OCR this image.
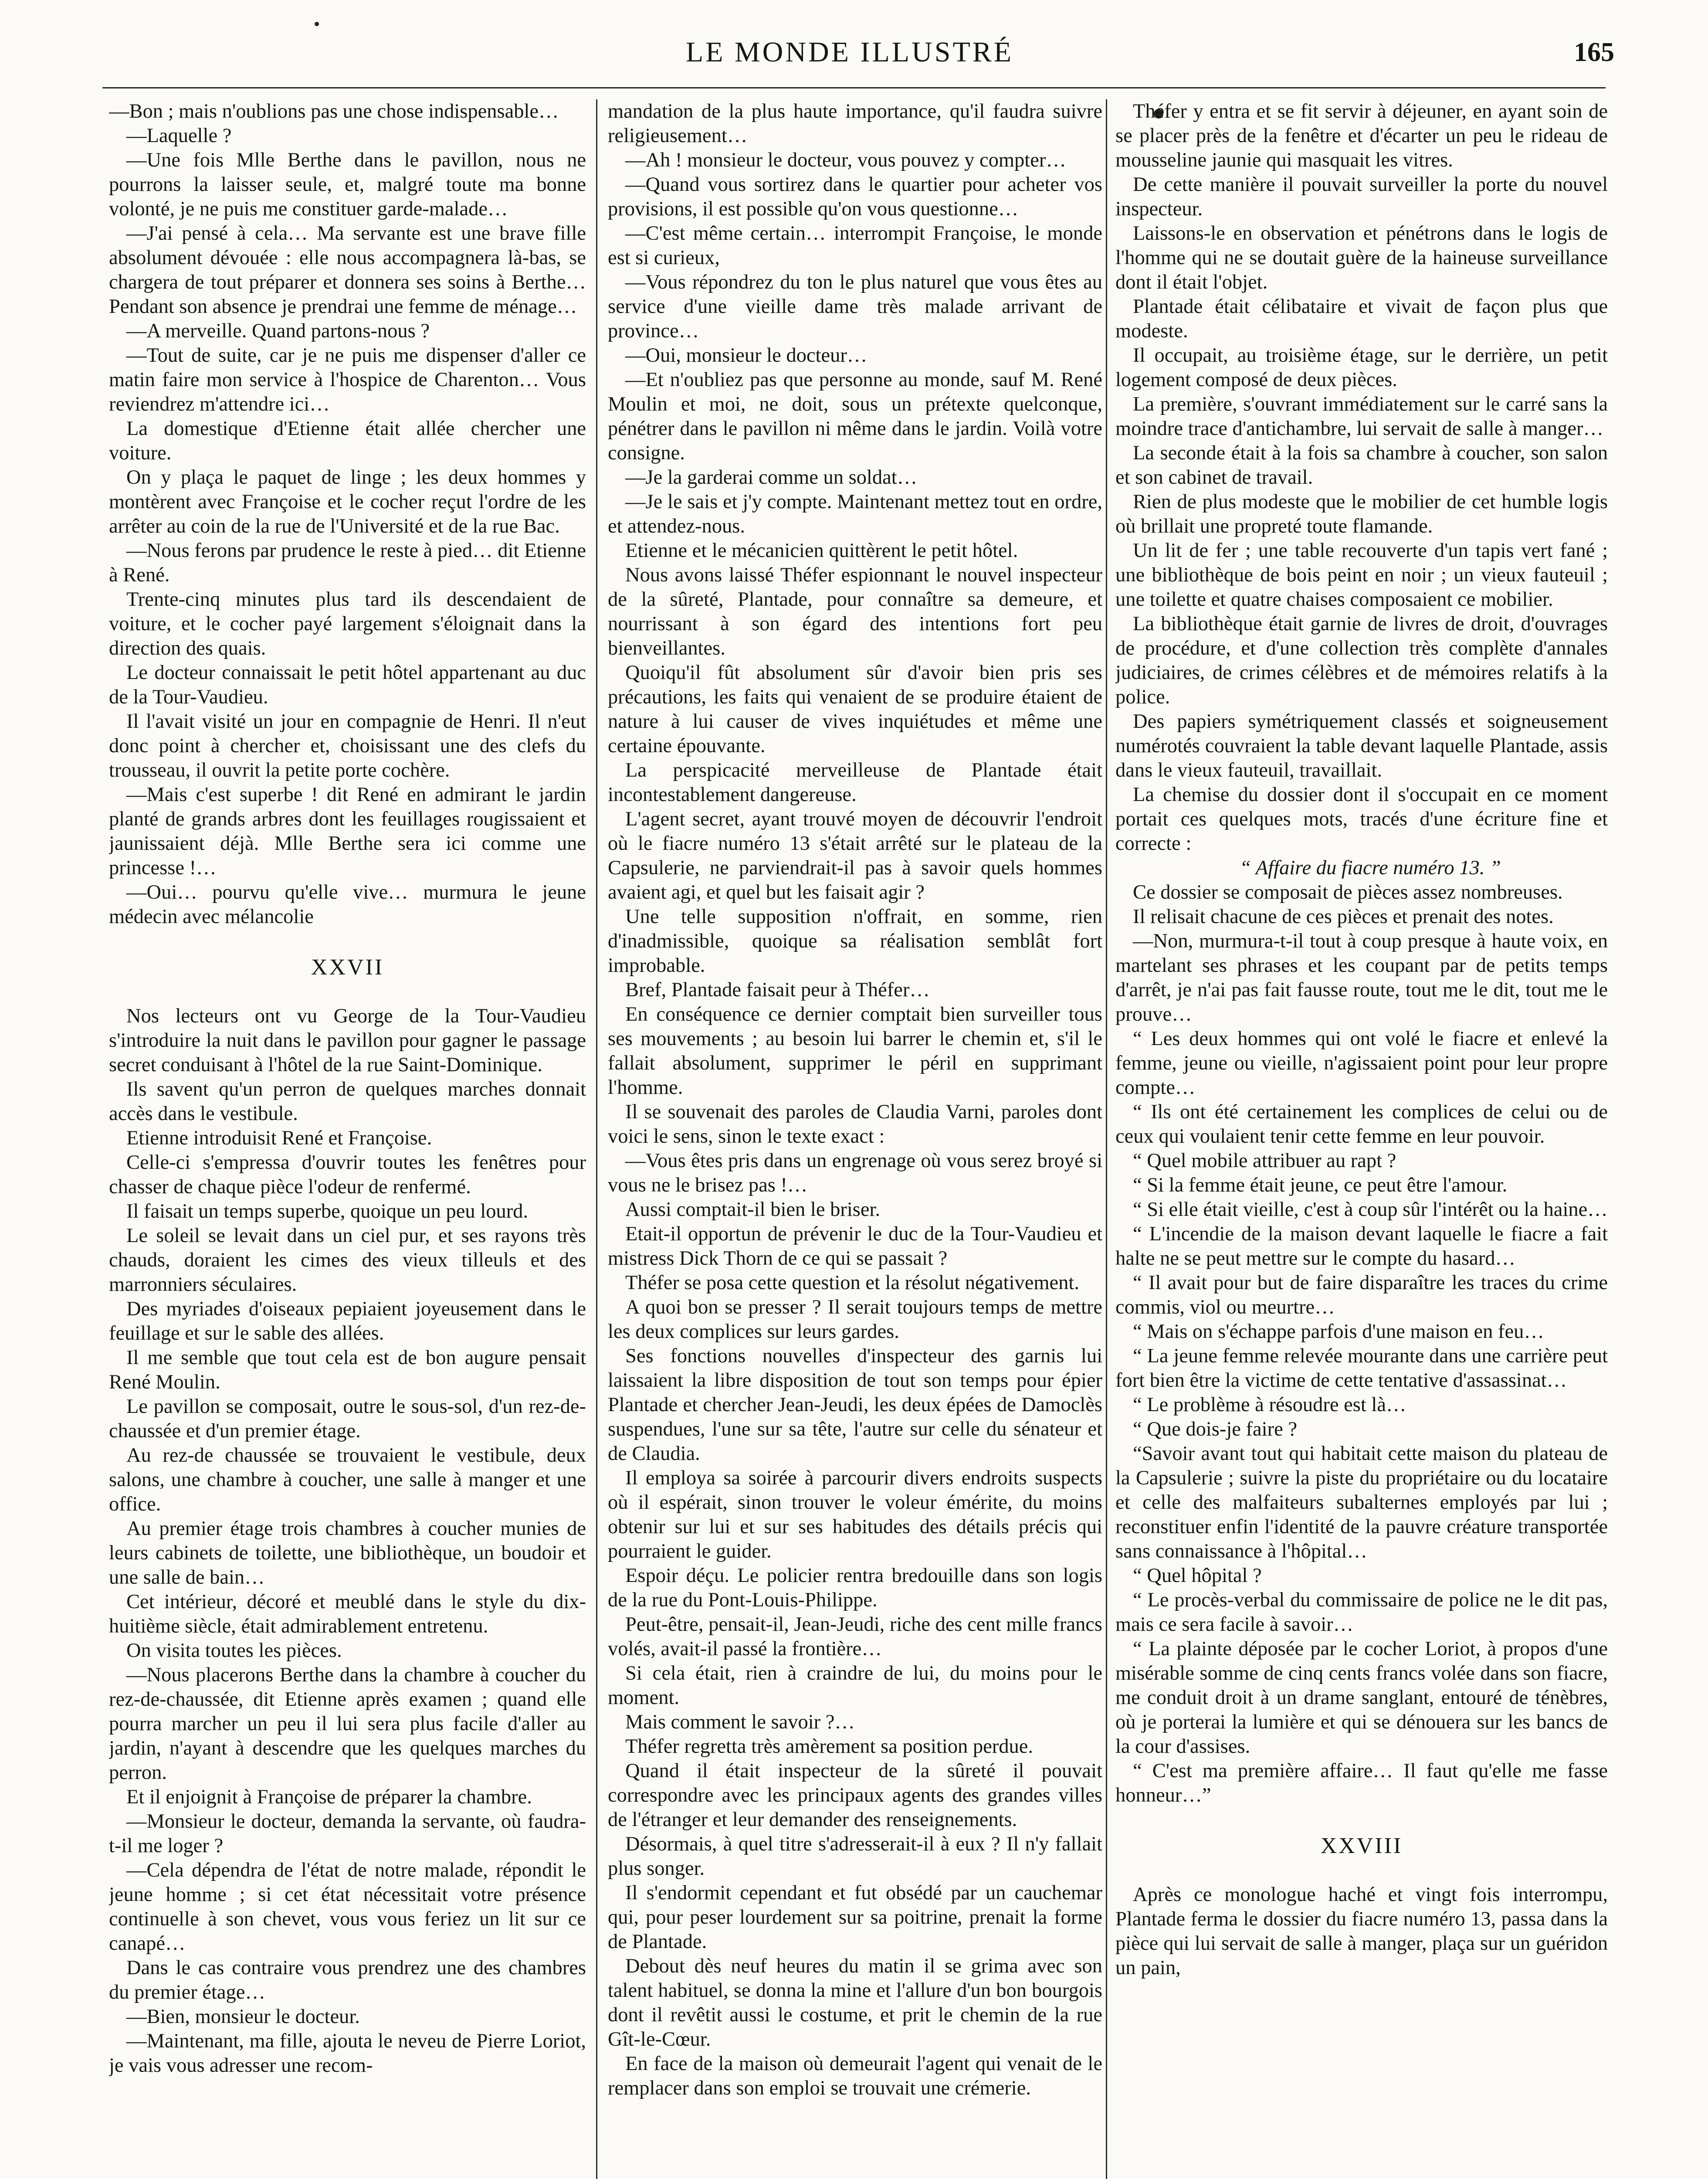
LE MONDE ILLUSTRÉ	165

—Bon ; mais n'oublions pas une chose indispensable…

—Laquelle ?

—Une fois Mlle Berthe dans le pavillon, nous ne pourrons la laisser seule, et, malgré toute ma bonne volonté, je ne puis me constituer garde-malade…

—J'ai pensé à cela… Ma servante est une brave fille absolument dévouée : elle nous accompagnera là-bas, se chargera de tout préparer et donnera ses soins à Berthe… Pendant son absence je prendrai une femme de ménage…

—A merveille. Quand partons-nous ?

—Tout de suite, car je ne puis me dispenser d'aller ce matin faire mon service à l'hospice de Charenton… Vous reviendrez m'attendre ici…

La domestique d'Etienne était allée chercher une voiture.

On y plaça le paquet de linge ; les deux hommes y montèrent avec Françoise et le cocher reçut l'ordre de les arrêter au coin de la rue de l'Université et de la rue Bac.

—Nous ferons par prudence le reste à pied… dit Etienne à René.

Trente-cinq minutes plus tard ils descendaient de voiture, et le cocher payé largement s'éloignait dans la direction des quais.

Le docteur connaissait le petit hôtel appartenant au duc de la Tour-Vaudieu.

Il l'avait visité un jour en compagnie de Henri. Il n'eut donc point à chercher et, choisissant une des clefs du trousseau, il ouvrit la petite porte cochère.

—Mais c'est superbe ! dit René en admirant le jardin planté de grands arbres dont les feuillages rougissaient et jaunissaient déjà. Mlle Berthe sera ici comme une princesse !…

—Oui… pourvu qu'elle vive… murmura le jeune médecin avec mélancolie

XXVII

Nos lecteurs ont vu George de la Tour-Vaudieu s'introduire la nuit dans le pavillon pour gagner le passage secret conduisant à l'hôtel de la rue Saint-Dominique.

Ils savent qu'un perron de quelques marches donnait accès dans le vestibule.

Etienne introduisit René et Françoise.

Celle-ci s'empressa d'ouvrir toutes les fenêtres pour chasser de chaque pièce l'odeur de renfermé.

Il faisait un temps superbe, quoique un peu lourd.

Le soleil se levait dans un ciel pur, et ses rayons très chauds, doraient les cimes des vieux tilleuls et des marronniers séculaires.

Des myriades d'oiseaux pepiaient joyeusement dans le feuillage et sur le sable des allées.

Il me semble que tout cela est de bon augure pensait René Moulin.

Le pavillon se composait, outre le sous-sol, d'un rez-de-chaussée et d'un premier étage.

Au rez-de chaussée se trouvaient le vestibule, deux salons, une chambre à coucher, une salle à manger et une office.

Au premier étage trois chambres à coucher munies de leurs cabinets de toilette, une bibliothèque, un boudoir et une salle de bain…

Cet intérieur, décoré et meublé dans le style du dix-huitième siècle, était admirablement entretenu.

On visita toutes les pièces.

—Nous placerons Berthe dans la chambre à coucher du rez-de-chaussée, dit Etienne après examen ; quand elle pourra marcher un peu il lui sera plus facile d'aller au jardin, n'ayant à descendre que les quelques marches du perron.

Et il enjoignit à Françoise de préparer la chambre.

—Monsieur le docteur, demanda la servante, où faudra-t-il me loger ?

—Cela dépendra de l'état de notre malade, répondit le jeune homme ; si cet état nécessitait votre présence continuelle à son chevet, vous vous feriez un lit sur ce canapé…

Dans le cas contraire vous prendrez une des chambres du premier étage…

—Bien, monsieur le docteur.

—Maintenant, ma fille, ajouta le neveu de Pierre Loriot, je vais vous adresser une recom-

mandation de la plus haute importance, qu'il faudra suivre religieusement…

—Ah ! monsieur le docteur, vous pouvez y compter…

—Quand vous sortirez dans le quartier pour acheter vos provisions, il est possible qu'on vous questionne…

—C'est même certain… interrompit Françoise, le monde est si curieux,

—Vous répondrez du ton le plus naturel que vous êtes au service d'une vieille dame très malade arrivant de province…

—Oui, monsieur le docteur…

—Et n'oubliez pas que personne au monde, sauf M. René Moulin et moi, ne doit, sous un prétexte quelconque, pénétrer dans le pavillon ni même dans le jardin. Voilà votre consigne.

—Je la garderai comme un soldat…

—Je le sais et j'y compte. Maintenant mettez tout en ordre, et attendez-nous.

Etienne et le mécanicien quittèrent le petit hôtel.

Nous avons laissé Théfer espionnant le nouvel inspecteur de la sûreté, Plantade, pour connaître sa demeure, et nourrissant à son égard des intentions fort peu bienveillantes.

Quoiqu'il fût absolument sûr d'avoir bien pris ses précautions, les faits qui venaient de se produire étaient de nature à lui causer de vives inquiétudes et même une certaine épouvante.

La perspicacité merveilleuse de Plantade était incontestablement dangereuse.

L'agent secret, ayant trouvé moyen de découvrir l'endroit où le fiacre numéro 13 s'était arrêté sur le plateau de la Capsulerie, ne parviendrait-il pas à savoir quels hommes avaient agi, et quel but les faisait agir ?

Une telle supposition n'offrait, en somme, rien d'inadmissible, quoique sa réalisation semblât fort improbable.

Bref, Plantade faisait peur à Théfer…

En conséquence ce dernier comptait bien surveiller tous ses mouvements ; au besoin lui barrer le chemin et, s'il le fallait absolument, supprimer le péril en supprimant l'homme.

Il se souvenait des paroles de Claudia Varni, paroles dont voici le sens, sinon le texte exact :

—Vous êtes pris dans un engrenage où vous serez broyé si vous ne le brisez pas !…

Aussi comptait-il bien le briser.

Etait-il opportun de prévenir le duc de la Tour-Vaudieu et mistress Dick Thorn de ce qui se passait ?

Théfer se posa cette question et la résolut négativement.

A quoi bon se presser ? Il serait toujours temps de mettre les deux complices sur leurs gardes.

Ses fonctions nouvelles d'inspecteur des garnis lui laissaient la libre disposition de tout son temps pour épier Plantade et chercher Jean-Jeudi, les deux épées de Damoclès suspendues, l'une sur sa tête, l'autre sur celle du sénateur et de Claudia.

Il employa sa soirée à parcourir divers endroits suspects où il espérait, sinon trouver le voleur émérite, du moins obtenir sur lui et sur ses habitudes des détails précis qui pourraient le guider.

Espoir déçu. Le policier rentra bredouille dans son logis de la rue du Pont-Louis-Philippe.

Peut-être, pensait-il, Jean-Jeudi, riche des cent mille francs volés, avait-il passé la frontière…

Si cela était, rien à craindre de lui, du moins pour le moment.

Mais comment le savoir ?…

Théfer regretta très amèrement sa position perdue.

Quand il était inspecteur de la sûreté il pouvait correspondre avec les principaux agents des grandes villes de l'étranger et leur demander des renseignements.

Désormais, à quel titre s'adresserait-il à eux ? Il n'y fallait plus songer.

Il s'endormit cependant et fut obsédé par un cauchemar qui, pour peser lourdement sur sa poitrine, prenait la forme de Plantade.

Debout dès neuf heures du matin il se grima avec son talent habituel, se donna la mine et l'allure d'un bon bourgois dont il revêtit aussi le costume, et prit le chemin de la rue Gît-le-Cœur.

En face de la maison où demeurait l'agent qui venait de le remplacer dans son emploi se trouvait une crémerie.

Théfer y entra et se fit servir à déjeuner, en ayant soin de se placer près de la fenêtre et d'écarter un peu le rideau de mousseline jaunie qui masquait les vitres.

De cette manière il pouvait surveiller la porte du nouvel inspecteur.

Laissons-le en observation et pénétrons dans le logis de l'homme qui ne se doutait guère de la haineuse surveillance dont il était l'objet.

Plantade était célibataire et vivait de façon plus que modeste.

Il occupait, au troisième étage, sur le derrière, un petit logement composé de deux pièces.

La première, s'ouvrant immédiatement sur le carré sans la moindre trace d'antichambre, lui servait de salle à manger…

La seconde était à la fois sa chambre à coucher, son salon et son cabinet de travail.

Rien de plus modeste que le mobilier de cet humble logis où brillait une propreté toute flamande.

Un lit de fer ; une table recouverte d'un tapis vert fané ; une bibliothèque de bois peint en noir ; un vieux fauteuil ; une toilette et quatre chaises composaient ce mobilier.

La bibliothèque était garnie de livres de droit, d'ouvrages de procédure, et d'une collection très complète d'annales judiciaires, de crimes célèbres et de mémoires relatifs à la police.

Des papiers symétriquement classés et soigneusement numérotés couvraient la table devant laquelle Plantade, assis dans le vieux fauteuil, travaillait.

La chemise du dossier dont il s'occupait en ce moment portait ces quelques mots, tracés d'une écriture fine et correcte :

“ Affaire du fiacre numéro 13. ”

Ce dossier se composait de pièces assez nombreuses.

Il relisait chacune de ces pièces et prenait des notes.

—Non, murmura-t-il tout à coup presque à haute voix, en martelant ses phrases et les coupant par de petits temps d'arrêt, je n'ai pas fait fausse route, tout me le dit, tout me le prouve…

“ Les deux hommes qui ont volé le fiacre et enlevé la femme, jeune ou vieille, n'agissaient point pour leur propre compte…

“ Ils ont été certainement les complices de celui ou de ceux qui voulaient tenir cette femme en leur pouvoir.

“ Quel mobile attribuer au rapt ?

“ Si la femme était jeune, ce peut être l'amour.

“ Si elle était vieille, c'est à coup sûr l'intérêt ou la haine…

“ L'incendie de la maison devant laquelle le fiacre a fait halte ne se peut mettre sur le compte du hasard…

“ Il avait pour but de faire disparaître les traces du crime commis, viol ou meurtre…

“ Mais on s'échappe parfois d'une maison en feu…

“ La jeune femme relevée mourante dans une carrière peut fort bien être la victime de cette tentative d'assassinat…

“ Le problème à résoudre est là…

“ Que dois-je faire ?

“Savoir avant tout qui habitait cette maison du plateau de la Capsulerie ; suivre la piste du propriétaire ou du locataire et celle des malfaiteurs subalternes employés par lui ; reconstituer enfin l'identité de la pauvre créature transportée sans connaissance à l'hôpital…

“ Quel hôpital ?

“ Le procès-verbal du commissaire de police ne le dit pas, mais ce sera facile à savoir…

“ La plainte déposée par le cocher Loriot, à propos d'une misérable somme de cinq cents francs volée dans son fiacre, me conduit droit à un drame sanglant, entouré de ténèbres, où je porterai la lumière et qui se dénouera sur les bancs de la cour d'assises.

“ C'est ma première affaire… Il faut qu'elle me fasse honneur…”

XXVIII

Après ce monologue haché et vingt fois interrompu, Plantade ferma le dossier du fiacre numéro 13, passa dans la pièce qui lui servait de salle à manger, plaça sur un guéridon un pain,
